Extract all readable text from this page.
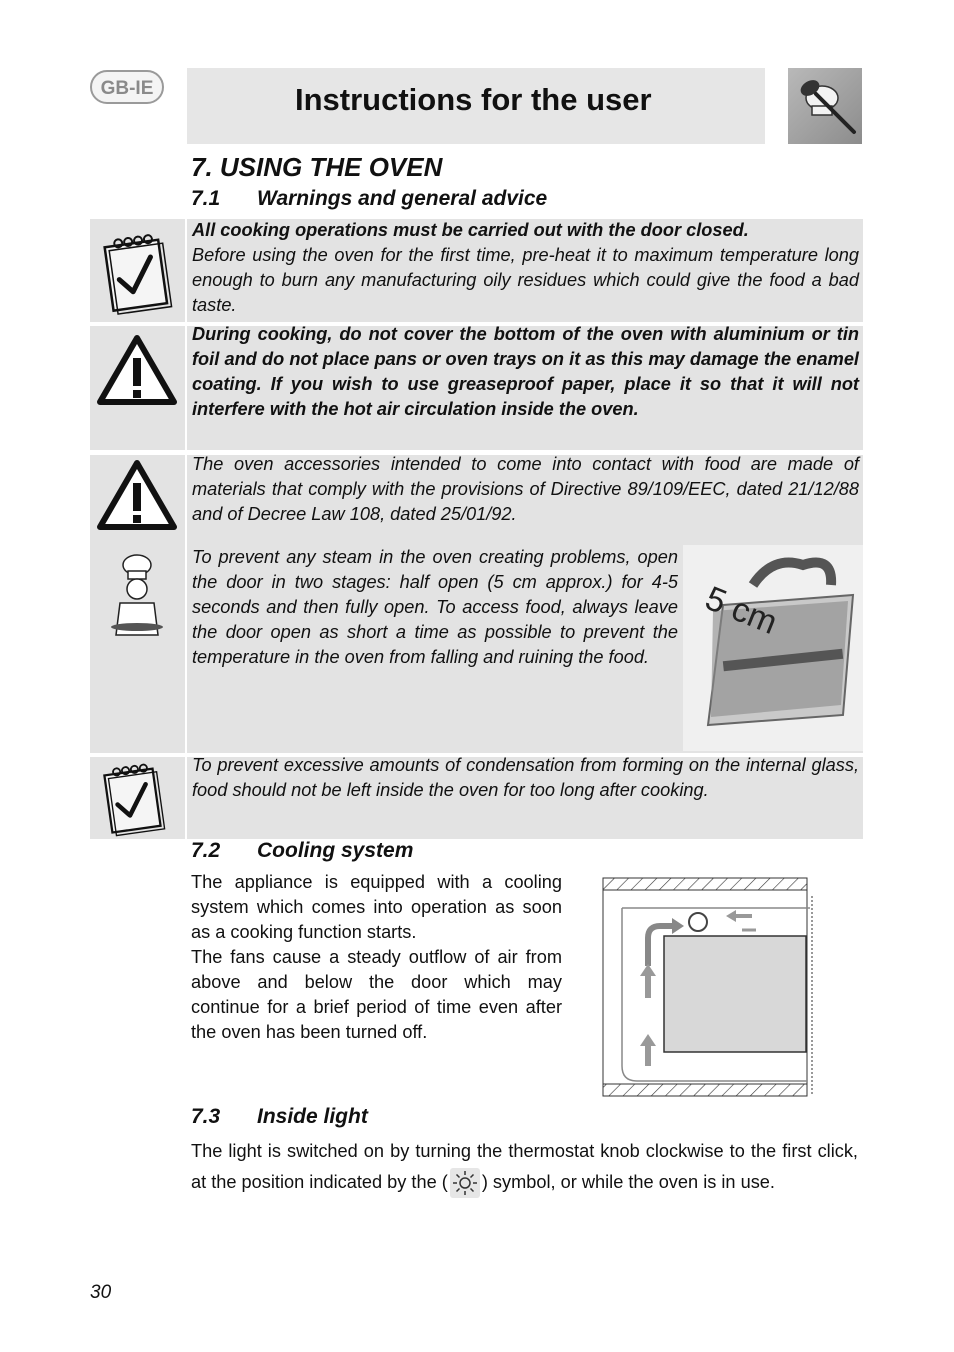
GB-IE	Instructions for the user
7. USING THE OVEN
7.1 Warnings and general advice
All cooking operations must be carried out with the door closed.
Before using the oven for the first time, pre-heat it to maximum temperature long enough to burn any manufacturing oily residues which could give the food a bad taste.
During cooking, do not cover the bottom of the oven with aluminium or tin foil and do not place pans or oven trays on it as this may damage the enamel coating. If you wish to use greaseproof paper, place it so that it will not interfere with the hot air circulation inside the oven.
The oven accessories intended to come into contact with food are made of materials that comply with the provisions of Directive 89/109/EEC, dated 21/12/88 and of Decree Law 108, dated 25/01/92.
To prevent any steam in the oven creating problems, open the door in two stages: half open (5 cm approx.) for 4-5 seconds and then fully open. To access food, always leave the door open as short a time as possible to prevent the temperature in the oven from falling and ruining the food.
5 cm
To prevent excessive amounts of condensation from forming on the internal glass, food should not be left inside the oven for too long after cooking.
7.2 Cooling system
The appliance is equipped with a cooling system which comes into operation as soon as a cooking function starts.
The fans cause a steady outflow of air from above and below the door which may continue for a brief period of time even after the oven has been turned off.
7.3 Inside light
The light is switched on by turning the thermostat knob clockwise to the first click, at the position indicated by the ( ) symbol, or while the oven is in use.
30
